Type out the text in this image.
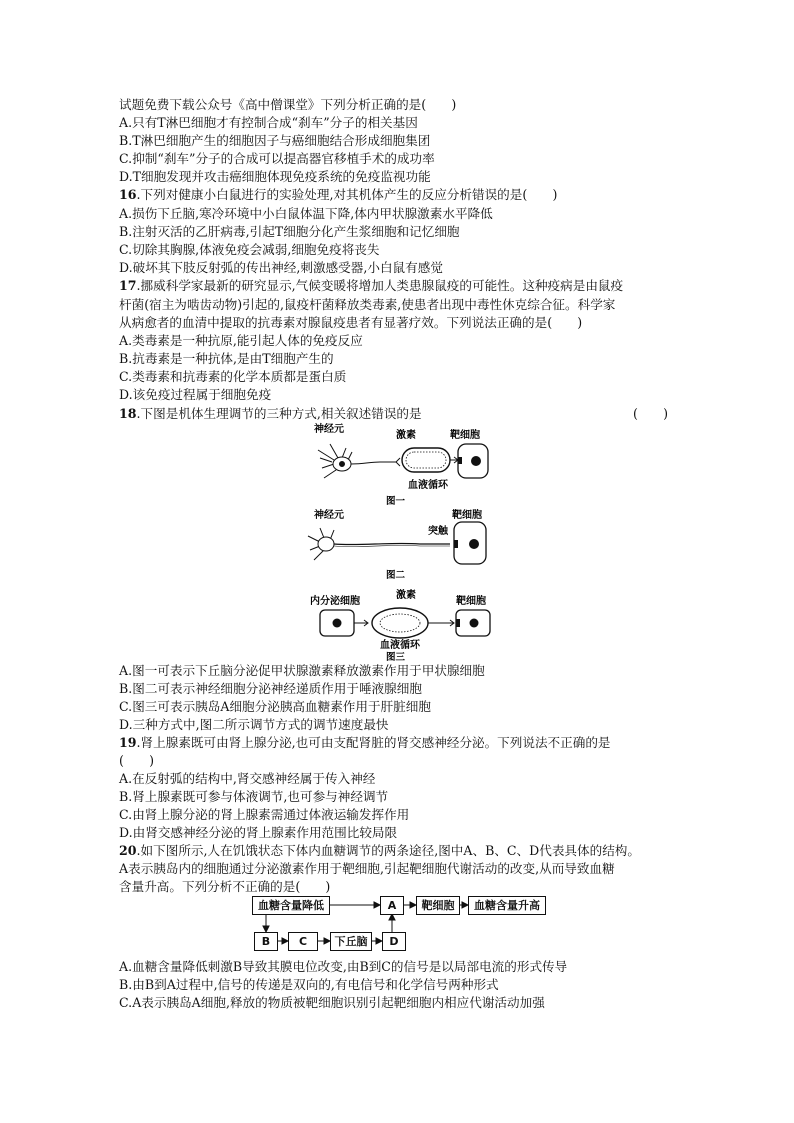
试题免费下载公众号《高中僧课堂》下列分析正确的是(　　)
A.只有T淋巴细胞才有控制合成“刹车”分子的相关基因
B.T淋巴细胞产生的细胞因子与癌细胞结合形成细胞集团
C.抑制“刹车”分子的合成可以提高器官移植手术的成功率
D.T细胞发现并攻击癌细胞体现免疫系统的免疫监视功能
16.下列对健康小白鼠进行的实验处理,对其机体产生的反应分析错误的是(　　)
A.损伤下丘脑,寒冷环境中小白鼠体温下降,体内甲状腺激素水平降低
B.注射灭活的乙肝病毒,引起T细胞分化产生浆细胞和记忆细胞
C.切除其胸腺,体液免疫会减弱,细胞免疫将丧失
D.破坏其下肢反射弧的传出神经,刺激感受器,小白鼠有感觉
17.挪威科学家最新的研究显示,气候变暖将增加人类患腺鼠疫的可能性。这种疫病是由鼠疫
杆菌(宿主为啮齿动物)引起的,鼠疫杆菌释放类毒素,使患者出现中毒性休克综合征。科学家
从病愈者的血清中提取的抗毒素对腺鼠疫患者有显著疗效。下列说法正确的是(　　)
A.类毒素是一种抗原,能引起人体的免疫反应
B.抗毒素是一种抗体,是由T细胞产生的
C.类毒素和抗毒素的化学本质都是蛋白质
D.该免疫过程属于细胞免疫
18.下图是机体生理调节的三种方式,相关叙述错误的是	(　　)
神经元
激素	靶细胞
血液循环
图一
神经元	靶细胞
突触
图二
内分泌细胞
激素
靶细胞
血液循环
图三
A.图一可表示下丘脑分泌促甲状腺激素释放激素作用于甲状腺细胞
B.图二可表示神经细胞分泌神经递质作用于唾液腺细胞
C.图三可表示胰岛A细胞分泌胰高血糖素作用于肝脏细胞
D.三种方式中,图二所示调节方式的调节速度最快
19.肾上腺素既可由肾上腺分泌,也可由支配肾脏的肾交感神经分泌。下列说法不正确的是
(　　)
A.在反射弧的结构中,肾交感神经属于传入神经
B.肾上腺素既可参与体液调节,也可参与神经调节
C.由肾上腺分泌的肾上腺素需通过体液运输发挥作用
D.由肾交感神经分泌的肾上腺素作用范围比较局限
20.如下图所示,人在饥饿状态下体内血糖调节的两条途径,图中A、B、C、D代表具体的结构。
A表示胰岛内的细胞通过分泌激素作用于靶细胞,引起靶细胞代谢活动的改变,从而导致血糖
含量升高。下列分析不正确的是(　　)
血糖含量降低	A	靶细胞	血糖含量升高
B	C	下丘脑	D
A.血糖含量降低刺激B导致其膜电位改变,由B到C的信号是以局部电流的形式传导
B.由B到A过程中,信号的传递是双向的,有电信号和化学信号两种形式
C.A表示胰岛A细胞,释放的物质被靶细胞识别引起靶细胞内相应代谢活动加强
